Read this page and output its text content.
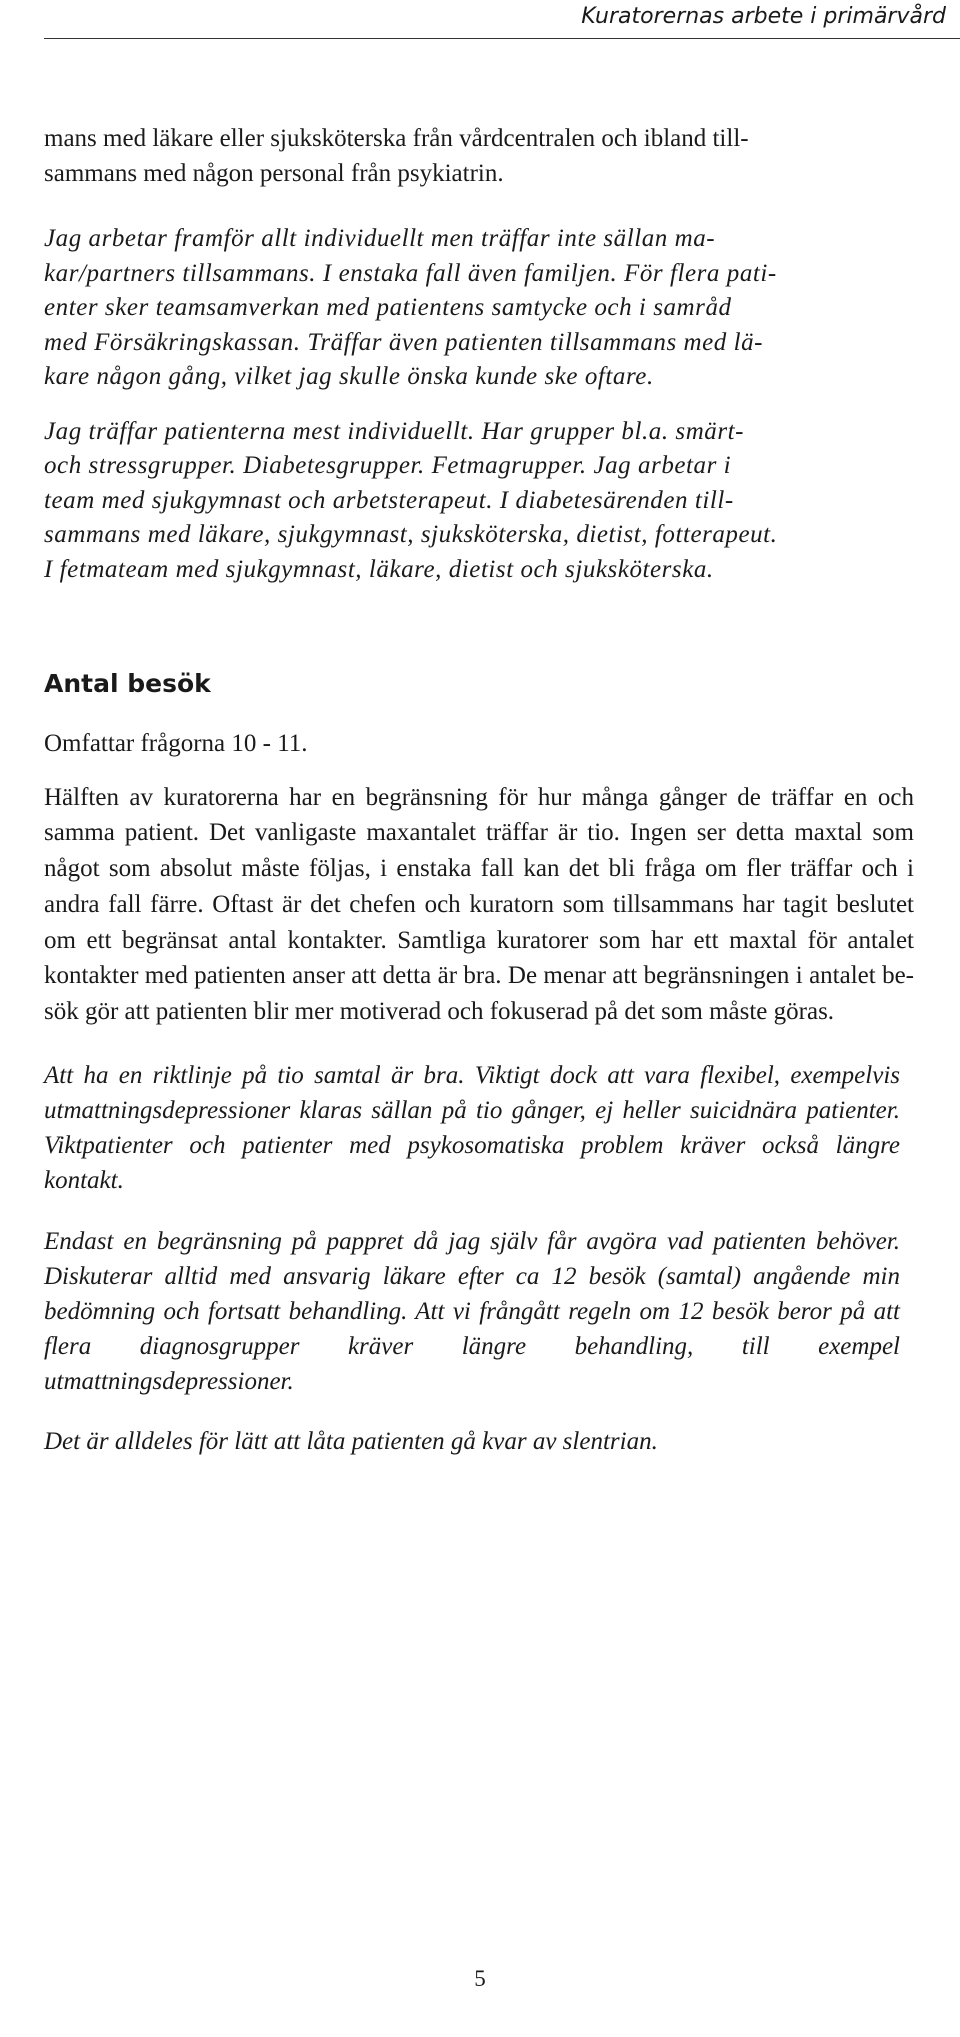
Kuratorernas arbete i primärvård

mans med läkare eller sjuksköterska från vårdcentralen och ibland till-

sammans med någon personal från psykiatrin.

Jag arbetar framför allt individuellt men träffar inte sällan ma-

kar/partners tillsammans. I enstaka fall även familjen. För flera pati-

enter sker teamsamverkan med patientens samtycke och i samråd

med Försäkringskassan. Träffar även patienten tillsammans med lä-

kare någon gång, vilket jag skulle önska kunde ske oftare.

Jag träffar patienterna mest individuellt. Har grupper bl.a. smärt-

och stressgrupper. Diabetesgrupper. Fetmagrupper. Jag arbetar i

team med sjukgymnast och arbetsterapeut. I diabetesärenden till-

sammans med läkare, sjukgymnast, sjuksköterska, dietist, fotterapeut.

I fetmateam med sjukgymnast, läkare, dietist och sjuksköterska.

Antal besök

Omfattar frågorna 10 - 11.

Hälften av kuratorerna har en begränsning för hur många gånger de träffar en och samma patient. Det vanligaste maxantalet träffar är tio. Ingen ser detta maxtal som något som absolut måste följas, i enstaka fall kan det bli fråga om fler träffar och i andra fall färre. Oftast är det chefen och kuratorn som tillsammans har tagit beslutet om ett begränsat antal kontakter. Samtliga kuratorer som har ett maxtal för antalet kontakter med patienten anser att detta är bra. De menar att begränsningen i antalet besök gör att patienten blir mer motiverad och fokuserad på det som måste göras.

Att ha en riktlinje på tio samtal är bra. Viktigt dock att vara flexibel, exempelvis utmattningsdepressioner klaras sällan på tio gånger, ej heller suicidnära patienter. Viktpatienter och patienter med psykosomatiska problem kräver också längre kontakt.

Endast en begränsning på pappret då jag själv får avgöra vad patienten behöver. Diskuterar alltid med ansvarig läkare efter ca 12 besök (samtal) angående min bedömning och fortsatt behandling. Att vi frångått regeln om 12 besök beror på att flera diagnosgrupper kräver längre behandling, till exempel utmattningsdepressioner.

Det är alldeles för lätt att låta patienten gå kvar av slentrian.

5
